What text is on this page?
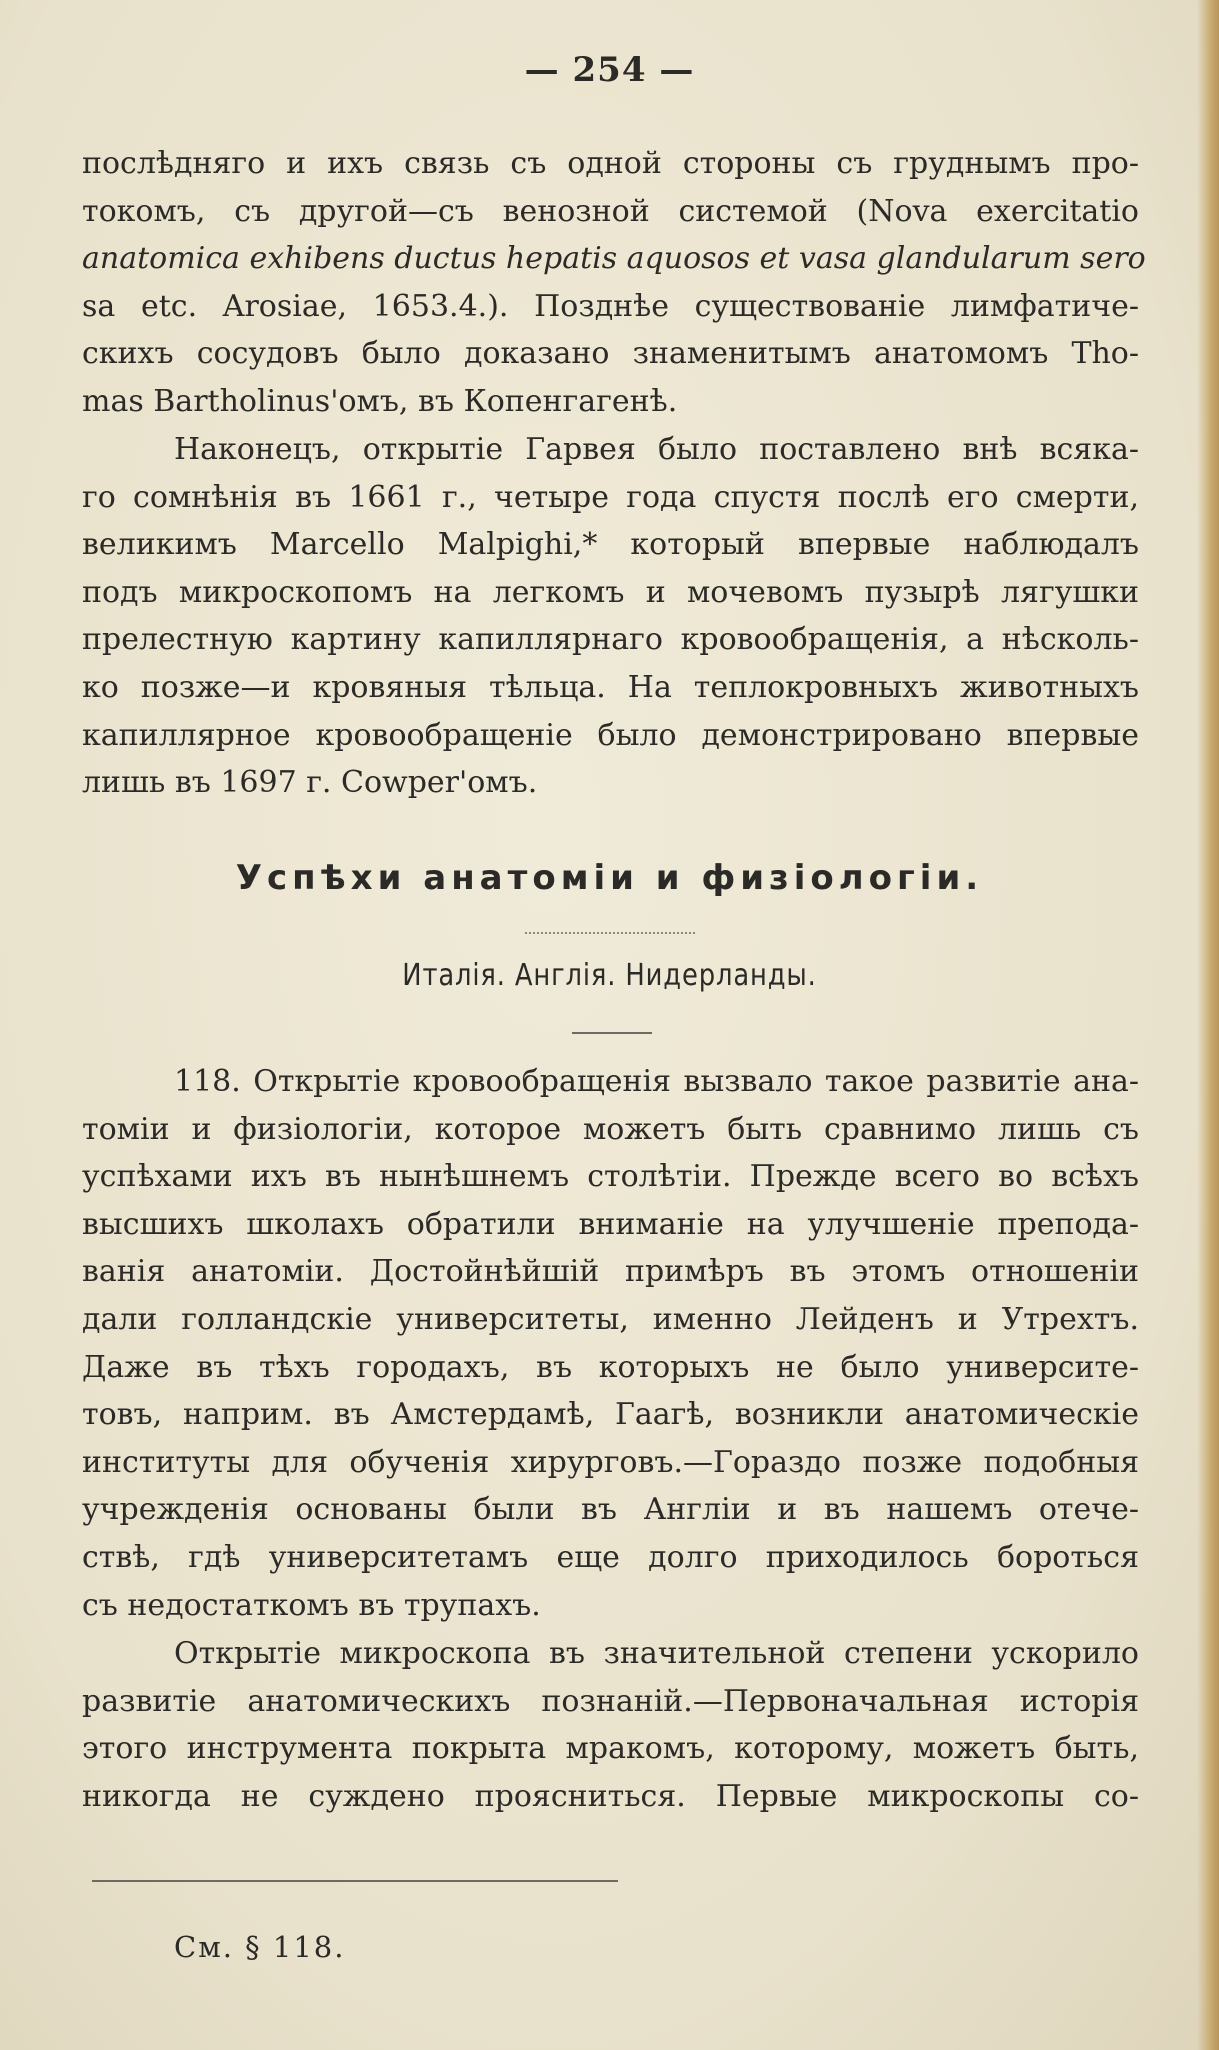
— 254 —
послѣдняго и ихъ связь съ одной стороны съ груднымъ про-
токомъ, съ другой—съ венозной системой (Nova exercitatio
anatomica exhibens ductus hepatis aquosos et vasa glandularum sero
sa etc. Arosiae, 1653.4.). Позднѣе существованіе лимфатиче-
скихъ сосудовъ было доказано знаменитымъ анатомомъ Tho-
mas Bartholinus'омъ, въ Копенгагенѣ.
Наконецъ, открытіе Гарвея было поставлено внѣ всяка-
го сомнѣнія въ 1661 г., четыре года спустя послѣ его смерти,
великимъ Marcello Malpighi,* который впервые наблюдалъ
подъ микроскопомъ на легкомъ и мочевомъ пузырѣ лягушки
прелестную картину капиллярнаго кровообращенія, а нѣсколь-
ко позже—и кровяныя тѣльца. На теплокровныхъ животныхъ
капиллярное кровообращеніе было демонстрировано впервые
лишь въ 1697 г. Cowper'омъ.
Успѣхи анатоміи и физіологіи.
Италія. Англія. Нидерланды.
118. Открытіе кровообращенія вызвало такое развитіе ана-
томіи и физіологіи, которое можетъ быть сравнимо лишь съ
успѣхами ихъ въ нынѣшнемъ столѣтіи. Прежде всего во всѣхъ
высшихъ школахъ обратили вниманіе на улучшеніе препода-
ванія анатоміи. Достойнѣйшій примѣръ въ этомъ отношеніи
дали голландскіе университеты, именно Лейденъ и Утрехтъ.
Даже въ тѣхъ городахъ, въ которыхъ не было университе-
товъ, наприм. въ Амстердамѣ, Гаагѣ, возникли анатомическіе
институты для обученія хирурговъ.—Гораздо позже подобныя
учрежденія основаны были въ Англіи и въ нашемъ отече-
ствѣ, гдѣ университетамъ еще долго приходилось бороться
съ недостаткомъ въ трупахъ.
Открытіе микроскопа въ значительной степени ускорило
развитіе анатомическихъ познаній.—Первоначальная исторія
этого инструмента покрыта мракомъ, которому, можетъ быть,
никогда не суждено проясниться. Первые микроскопы со-
См. § 118.
